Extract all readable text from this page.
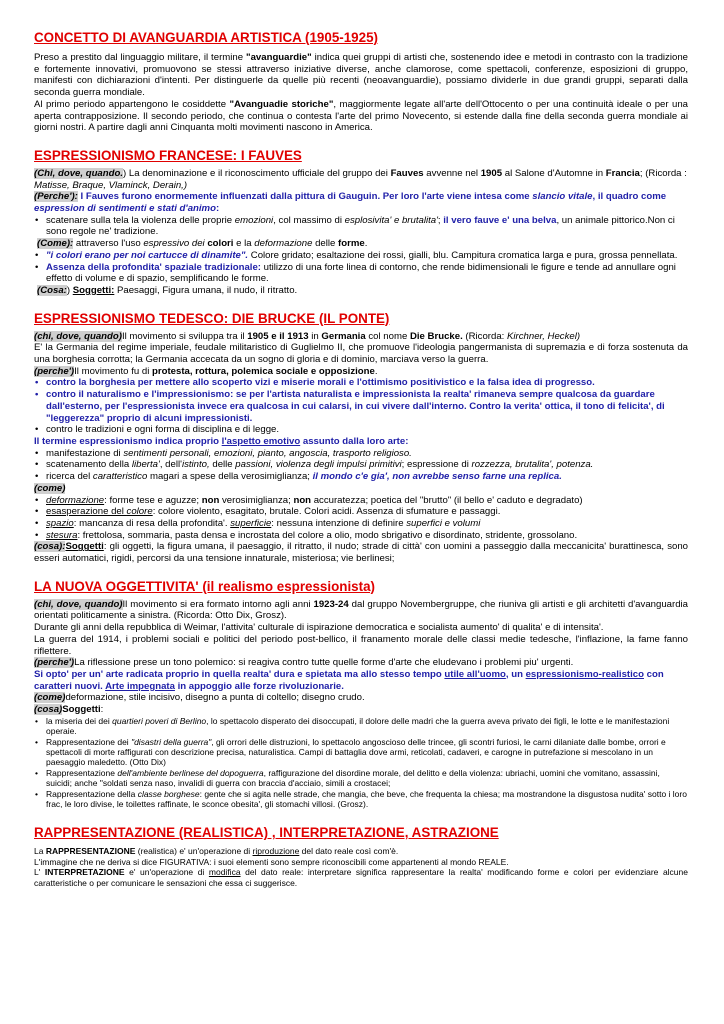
CONCETTO DI AVANGUARDIA ARTISTICA (1905-1925)

Preso a prestito dal linguaggio militare, il termine "avanguardie" indica quei gruppi di artisti che, sostenendo idee e metodi in contrasto con la tradizione e fortemente innovativi, promuovono se stessi attraverso iniziative diverse, anche clamorose, come spettacoli, conferenze, esposizioni di gruppo, manifesti con dichiarazioni d'intenti. Per distinguerle da quelle più recenti (neoavanguardie), possiamo dividerle in due grandi gruppi, separati dalla seconda guerra mondiale.

Al primo periodo appartengono le cosiddette "Avanguadie storiche", maggiormente legate all'arte dell'Ottocento o per una continuità ideale o per una aperta contrapposizione. Il secondo periodo, che continua o contesta l'arte del primo Novecento, si estende dalla fine della seconda guerra mondiale ai giorni nostri. A partire dagli anni Cinquanta molti movimenti nascono in America.

ESPRESSIONISMO FRANCESE: I FAUVES

(Chi, dove, quando.) La denominazione e il riconoscimento ufficiale del gruppo dei Fauves avvenne nel 1905 al Salone d'Automne in Francia; (Ricorda : Matisse, Braque, Vlaminck, Derain,)

(Perche'): I Fauves furono enormemente influenzati dalla pittura di Gauguin. Per loro l'arte viene intesa come slancio vitale, il quadro come espression di sentimenti e stati d'animo:

• scatenare sulla tela la violenza delle proprie emozioni, col massimo di esplosivita' e brutalita'; il vero fauve e' una belva, un animale pittorico.Non ci sono regole ne' tradizione.

(Come): attraverso l'uso espressivo dei colori e la deformazione delle forme.

• "i colori erano per noi cartucce di dinamite". Colore gridato; esaltazione dei rossi, gialli, blu. Campitura cromatica larga e pura, grossa pennellata.
• Assenza della profondita' spaziale tradizionale: utilizzo di una forte linea di contorno, che rende bidimensionali le figure e tende ad annullare ogni effetto di volume e di spazio, semplificando le forme.

(Cosa:) Soggetti: Paesaggi, Figura umana, il nudo, il ritratto.

ESPRESSIONISMO TEDESCO: DIE BRUCKE (IL PONTE)

(chi, dove, quando)Il movimento si sviluppa tra il 1905 e il 1913 in Germania col nome Die Brucke. (Ricorda: Kirchner, Heckel)

E' la Germania del regime imperiale, feudale militaristico di Guglielmo II, che promuove l'ideologia pangermanista di supremazia e di forza sostenuta da una borghesia corrotta; la Germania accecata da un sogno di gloria e di dominio, marciava verso la guerra.

(perche')Il movimento fu di protesta, rottura, polemica sociale e opposizione.

• contro la borghesia per mettere allo scoperto vizi e miserie morali e l'ottimismo positivistico e la falsa idea di progresso.
• contro il naturalismo e l'impressionismo: se per l'artista naturalista e impressionista la realta' rimaneva sempre qualcosa da guardare dall'esterno, per l'espressionista invece era qualcosa in cui calarsi, in cui vivere dall'interno. Contro la verita' ottica, il tono di felicita', di "leggerezza" proprio di alcuni impressionisti.
• contro le tradizioni e ogni forma di disciplina e di legge.

Il termine espressionismo indica proprio l'aspetto emotivo assunto dalla loro arte:

• manifestazione di sentimenti personali, emozioni, pianto, angoscia, trasporto religioso.
• scatenamento della liberta', dell'istinto, delle passioni, violenza degli impulsi primitivi; espressione di rozzezza, brutalita', potenza.
• ricerca del caratteristico magari a spese della verosimiglianza; il mondo c'e gia', non avrebbe senso farne una replica.

(come)

• deformazione: forme tese e aguzze; non verosimiglianza; non accuratezza; poetica del "brutto" (il bello e' caduto e degradato)
• esasperazione del colore: colore violento, esagitato, brutale. Colori acidi. Assenza di sfumature e passaggi.
• spazio: mancanza di resa della profondita'. superficie: nessuna intenzione di definire superfici e volumi
• stesura: frettolosa, sommaria, pasta densa e incrostata del colore a olio, modo sbrigativo e disordinato, stridente, grossolano.

(cosa):Soggetti: gli oggetti, la figura umana, il paesaggio, il ritratto, il nudo; strade di città' con uomini a passeggio dalla meccanicita' burattinesca, sono esseri automatici, rigidi, percorsi da una tensione innaturale, misteriosa; vie berlinesi;

LA NUOVA OGGETTIVITA' (il realismo espressionista)

(chi, dove, quando)Il movimento si era formato intorno agli anni 1923-24 dal gruppo Novembergruppe, che riuniva gli artisti e gli architetti d'avanguardia orientati politicamente a sinistra. (Ricorda: Otto Dix, Grosz).

Durante gli anni della repubblica di Weimar, l'attivita' culturale di ispirazione democratica e socialista aumento' di qualita' e di intensita'.

La guerra del 1914, i problemi sociali e politici del periodo post-bellico, il franamento morale delle classi medie tedesche, l'inflazione, la fame fanno riflettere.

(perche')La riflessione prese un tono polemico: si reagiva contro tutte quelle forme d'arte che eludevano i problemi piu' urgenti.

Si opto' per un' arte radicata proprio in quella realta' dura e spietata ma allo stesso tempo utile all'uomo, un espressionismo-realistico con caratteri nuovi. Arte impegnata in appoggio alle forze rivoluzionarie.

(come)deformazione, stile incisivo, disegno a punta di coltello; disegno crudo.

(cosa)Soggetti:

• la miseria dei dei quartieri poveri di Berlino, lo spettacolo disperato dei disoccupati, il dolore delle madri che la guerra aveva privato dei figli, le lotte e le manifestazioni operaie.
• Rappresentazione dei "disastri della guerra", gli orrori delle distruzioni, lo spettacolo angoscioso delle trincee, gli scontri furiosi, le carni dilaniate dalle bombe, orrori e spettacoli di morte raffigurati con descrizione precisa, naturalistica. Campi di battaglia dove armi, reticolati, cadaveri, e carogne in putrefazione si mescolano in un paesaggio maledetto. (Otto Dix)
• Rappresentazione dell'ambiente berlinese del dopoguerra, raffigurazione del disordine morale, del delitto e della violenza: ubriachi, uomini che vomitano, assassini, suicidi; anche "soldati senza naso, invalidi di guerra con braccia d'acciaio, simili a crostacei;
• Rappresentazione della classe borghese: gente che si agita nelle strade, che mangia, che beve, che frequenta la chiesa; ma mostrandone la disgustosa nudita' sotto i loro frac, le loro divise, le toilettes raffinate, le sconce obesita', gli stomachi villosi. (Grosz).
RAPPRESENTAZIONE (REALISTICA) , INTERPRETAZIONE, ASTRAZIONE

La RAPPRESENTAZIONE (realistica) e' un'operazione di riproduzione del dato reale così com'è.

L'immagine che ne deriva si dice FIGURATIVA: i suoi elementi sono sempre riconoscibili come appartenenti al mondo REALE.

L' INTERPRETAZIONE e' un'operazione di modifica del dato reale: interpretare significa rappresentare la realta' modificando forme e colori per evidenziare alcune caratteristiche o per comunicare le sensazioni che essa ci suggerisce.
